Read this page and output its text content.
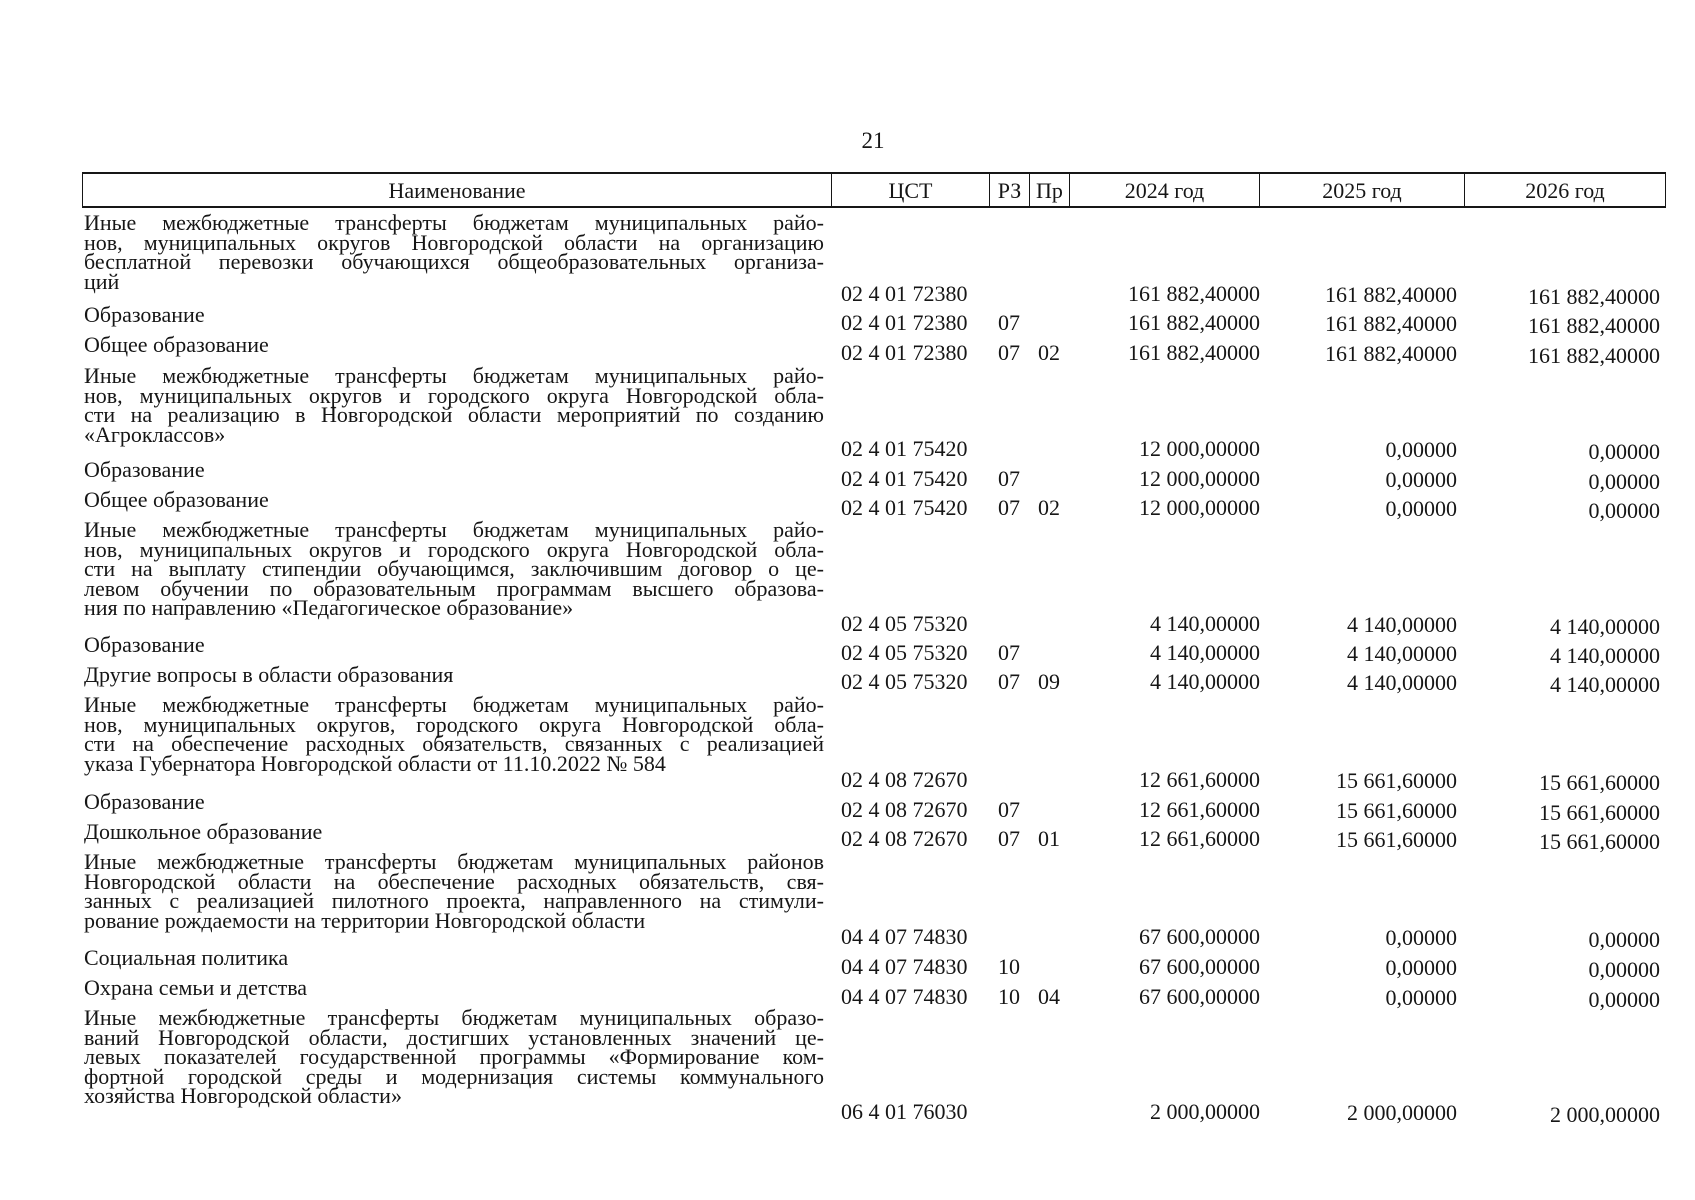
21
Наименование	ЦСТ	РЗ Пр	2024 год	2025 год	2026 год
Иные межбюджетные трансферты бюджетам муниципальных райо-
нов, муниципальных округов Новгородской области на организацию
бесплатной перевозки обучающихся общеобразовательных организа-
ций	02 4 01 72380	161 882,40000	161 882,40000	161 882,40000
Образование	02 4 01 72380 07	161 882,40000	161 882,40000	161 882,40000
Общее образование	02 4 01 72380 07 02	161 882,40000	161 882,40000	161 882,40000
Иные межбюджетные трансферты бюджетам муниципальных райо-
нов, муниципальных округов и городского округа Новгородской обла-
сти на реализацию в Новгородской области мероприятий по созданию
«Агроклассов»
02 4 01 75420	12 000,00000	0,00000	0,00000
Образование	02 4 01 75420 07	12 000,00000	0,00000	0,00000
Общее образование	02 4 01 75420 07 02	12 000,00000	0,00000	0,00000
Иные межбюджетные трансферты бюджетам муниципальных райо-
нов, муниципальных округов и городского округа Новгородской обла-
сти на выплату стипендии обучающимся, заключившим договор о це-
левом обучении по образовательным программам высшего образова-
ния по направлению «Педагогическое образование»
02 4 05 75320	4 140,00000	4 140,00000	4 140,00000
Образование	02 4 05 75320 07	4 140,00000	4 140,00000	4 140,00000
Другие вопросы в области образования	02 4 05 75320 07 09	4 140,00000	4 140,00000	4 140,00000
Иные межбюджетные трансферты бюджетам муниципальных райо-
нов, муниципальных округов, городского округа Новгородской обла-
сти на обеспечение расходных обязательств, связанных с реализацией
указа Губернатора Новгородской области от 11.10.2022 № 584
02 4 08 72670	12 661,60000	15 661,60000	15 661,60000
Образование	02 4 08 72670 07	12 661,60000	15 661,60000	15 661,60000
Дошкольное образование	02 4 08 72670 07 01	12 661,60000	15 661,60000	15 661,60000
Иные межбюджетные трансферты бюджетам муниципальных районов
Новгородской области на обеспечение расходных обязательств, свя-
занных с реализацией пилотного проекта, направленного на стимули-
рование рождаемости на территории Новгородской области
04 4 07 74830	67 600,00000	0,00000	0,00000
Социальная политика	04 4 07 74830 10	67 600,00000	0,00000	0,00000
Охрана семьи и детства	04 4 07 74830 10 04	67 600,00000	0,00000	0,00000
Иные межбюджетные трансферты бюджетам муниципальных образо-
ваний Новгородской области, достигших установленных значений це-
левых показателей государственной программы «Формирование ком-
фортной городской среды и модернизация системы коммунального
хозяйства Новгородской области»
06 4 01 76030	2 000,00000	2 000,00000	2 000,00000
